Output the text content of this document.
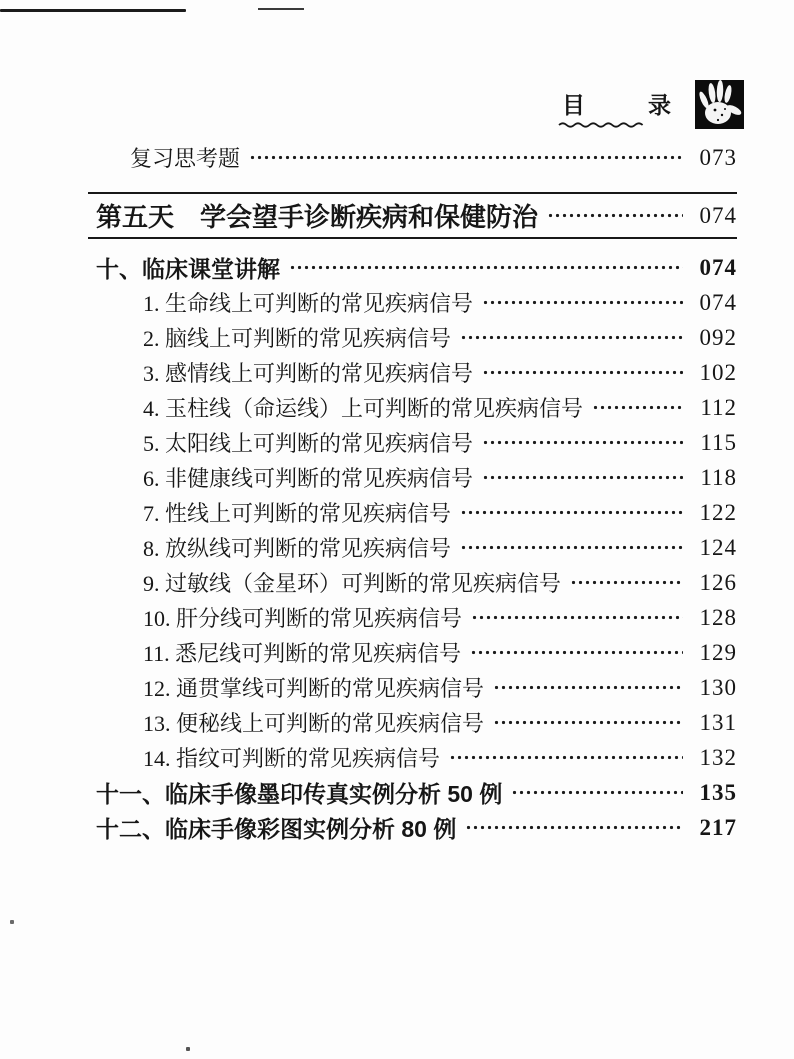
目　录
复习思考题	073
第五天　学会望手诊断疾病和保健防治	074
十、临床课堂讲解	074
1. 生命线上可判断的常见疾病信号	074
2. 脑线上可判断的常见疾病信号	092
3. 感情线上可判断的常见疾病信号	102
4. 玉柱线（命运线）上可判断的常见疾病信号	112
5. 太阳线上可判断的常见疾病信号	115
6. 非健康线可判断的常见疾病信号	118
7. 性线上可判断的常见疾病信号	122
8. 放纵线可判断的常见疾病信号	124
9. 过敏线（金星环）可判断的常见疾病信号	126
10. 肝分线可判断的常见疾病信号	128
11. 悉尼线可判断的常见疾病信号	129
12. 通贯掌线可判断的常见疾病信号	130
13. 便秘线上可判断的常见疾病信号	131
14. 指纹可判断的常见疾病信号	132
十一、临床手像墨印传真实例分析 50 例	135
十二、临床手像彩图实例分析 80 例	217
